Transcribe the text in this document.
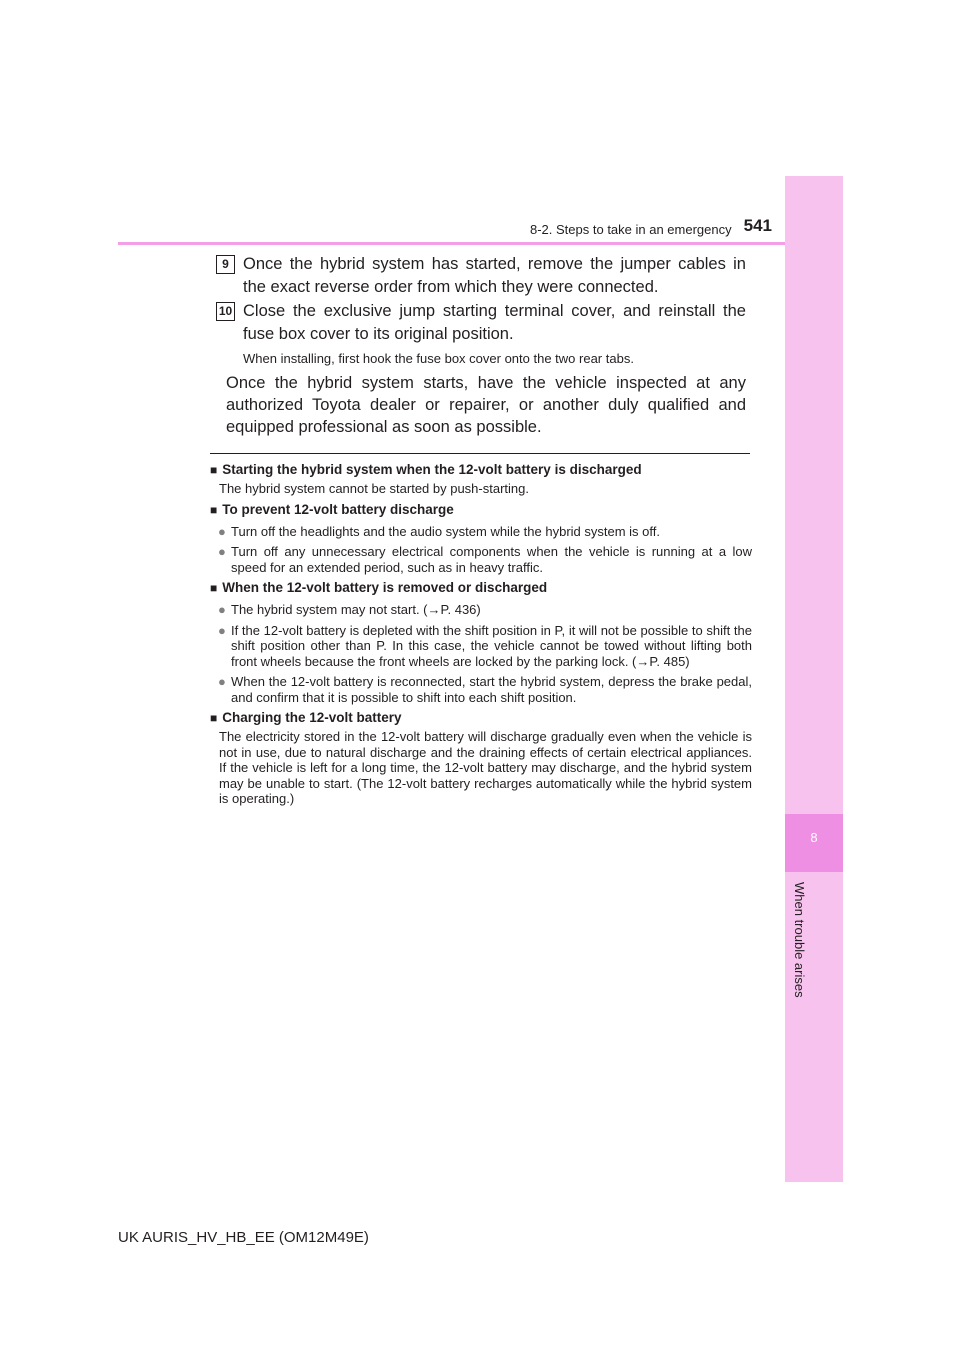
8
When trouble arises
8-2. Steps to take in an emergency 541
9 Once the hybrid system has started, remove the jumper cables in the exact reverse order from which they were connected.
10 Close the exclusive jump starting terminal cover, and reinstall the fuse box cover to its original position.
When installing, first hook the fuse box cover onto the two rear tabs.
Once the hybrid system starts, have the vehicle inspected at any authorized Toyota dealer or repairer, or another duly qualified and equipped professional as soon as possible.
■ Starting the hybrid system when the 12-volt battery is discharged
The hybrid system cannot be started by push-starting.
■ To prevent 12-volt battery discharge
● Turn off the headlights and the audio system while the hybrid system is off.
● Turn off any unnecessary electrical components when the vehicle is running at a low speed for an extended period, such as in heavy traffic.
■ When the 12-volt battery is removed or discharged
● The hybrid system may not start. (→P. 436)
● If the 12-volt battery is depleted with the shift position in P, it will not be possible to shift the shift position other than P. In this case, the vehicle cannot be towed without lifting both front wheels because the front wheels are locked by the parking lock. (→P. 485)
● When the 12-volt battery is reconnected, start the hybrid system, depress the brake pedal, and confirm that it is possible to shift into each shift position.
■ Charging the 12-volt battery
The electricity stored in the 12-volt battery will discharge gradually even when the vehicle is not in use, due to natural discharge and the draining effects of certain electrical appliances. If the vehicle is left for a long time, the 12-volt battery may discharge, and the hybrid system may be unable to start. (The 12-volt battery recharges automatically while the hybrid system is operating.)
UK AURIS_HV_HB_EE (OM12M49E)
